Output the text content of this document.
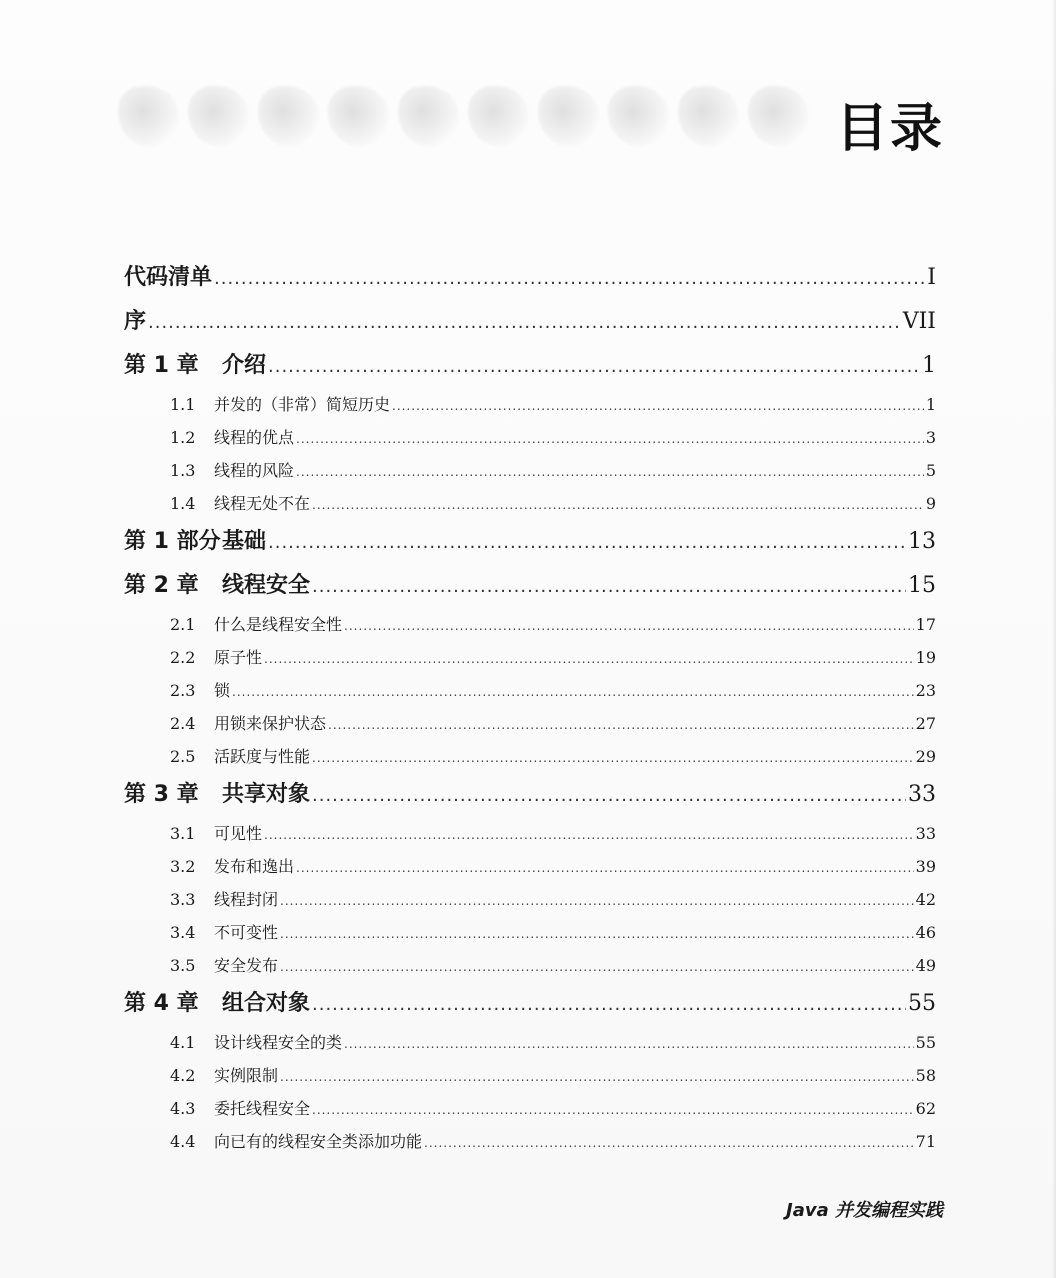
目录
代码清单 .....	I
序 .....	VII
第 1 章	介绍 .....	1
1.1	并发的（非常）简短历史 .....	1
1.2	线程的优点 .....	3
1.3	线程的风险 .....	5
1.4	线程无处不在 .....	9
第 1 部分 基础 .....	13
第 2 章	线程安全 .....	15
2.1	什么是线程安全性 .....	17
2.2	原子性 .....	19
2.3	锁 .....	23
2.4	用锁来保护状态 .....	27
2.5	活跃度与性能 .....	29
第 3 章	共享对象 .....	33
3.1	可见性 .....	33
3.2	发布和逸出 .....	39
3.3	线程封闭 .....	42
3.4	不可变性 .....	46
3.5	安全发布 .....	49
第 4 章	组合对象 .....	55
4.1	设计线程安全的类 .....	55
4.2	实例限制 .....	58
4.3	委托线程安全 .....	62
4.4	向已有的线程安全类添加功能 .....	71
Java 并发编程实践
